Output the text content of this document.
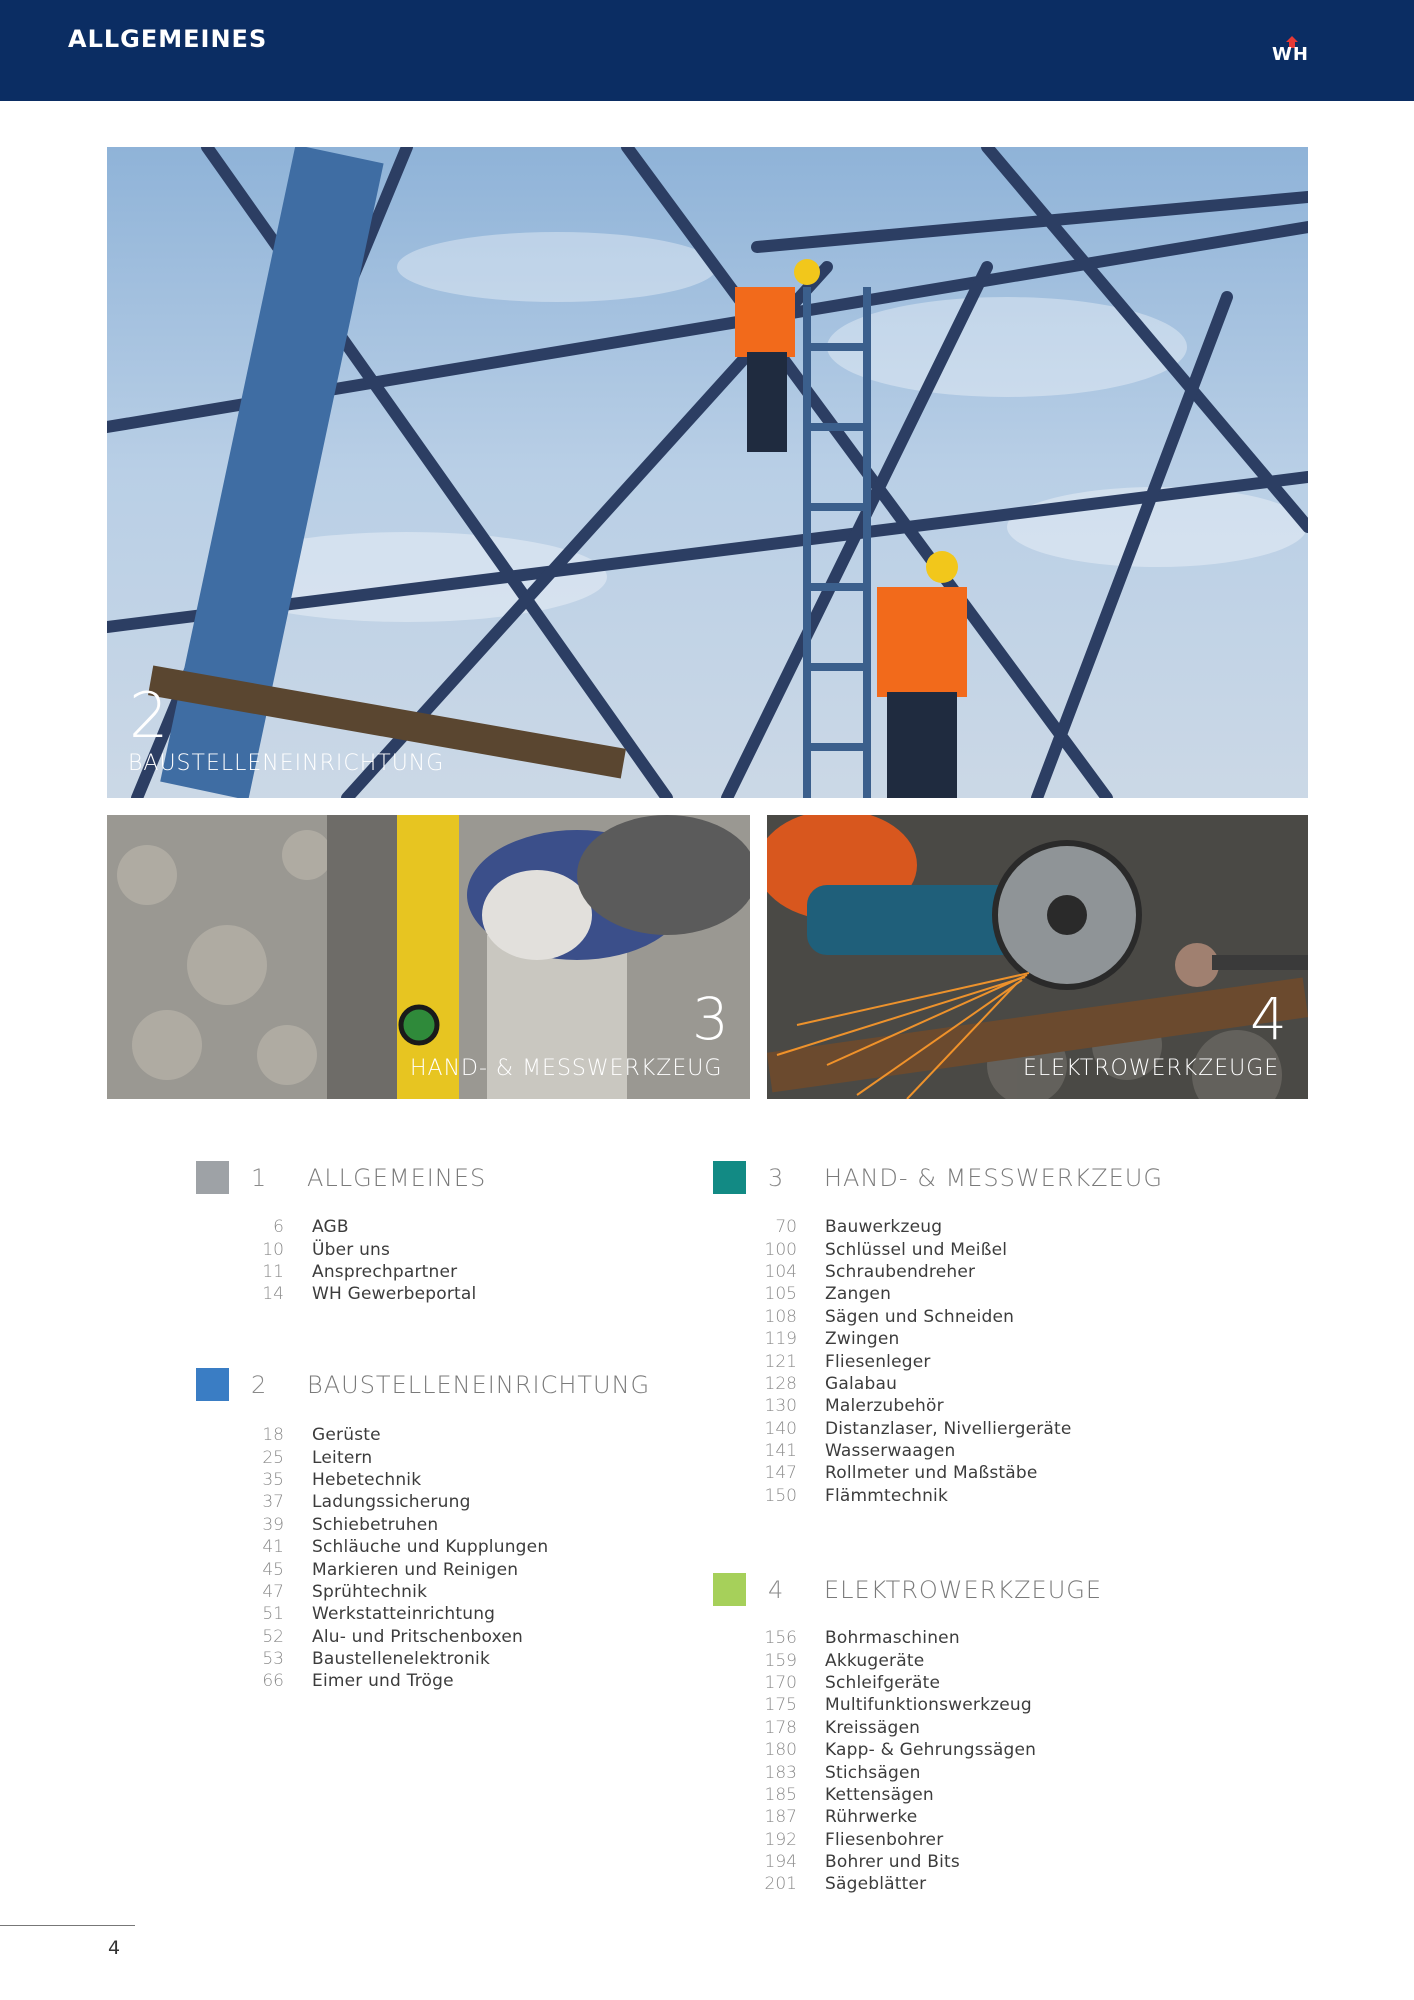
ALLGEMEINES
WH
2
BAUSTELLENEINRICHTUNG
3
HAND- & MESSWERKZEUG
4
ELEKTROWERKZEUGE
1	ALLGEMEINES
6 AGB
10 Über uns
11 Ansprechpartner
14 WH Gewerbeportal
2	BAUSTELLENEINRICHTUNG
18 Gerüste
25 Leitern
35 Hebetechnik
37 Ladungssicherung
39 Schiebetruhen
41 Schläuche und Kupplungen
45 Markieren und Reinigen
47 Sprühtechnik
51 Werkstatteinrichtung
52 Alu- und Pritschenboxen
53 Baustellenelektronik
66 Eimer und Tröge
3	HAND- & MESSWERKZEUG
70 Bauwerkzeug
100 Schlüssel und Meißel
104 Schraubendreher
105 Zangen
108 Sägen und Schneiden
119 Zwingen
121 Fliesenleger
128 Galabau
130 Malerzubehör
140 Distanzlaser, Nivelliergeräte
141 Wasserwaagen
147 Rollmeter und Maßstäbe
150 Flämmtechnik
4	ELEKTROWERKZEUGE
156 Bohrmaschinen
159 Akkugeräte
170 Schleifgeräte
175 Multifunktionswerkzeug
178 Kreissägen
180 Kapp- & Gehrungssägen
183 Stichsägen
185 Kettensägen
187 Rührwerke
192 Fliesenbohrer
194 Bohrer und Bits
201 Sägeblätter
4
